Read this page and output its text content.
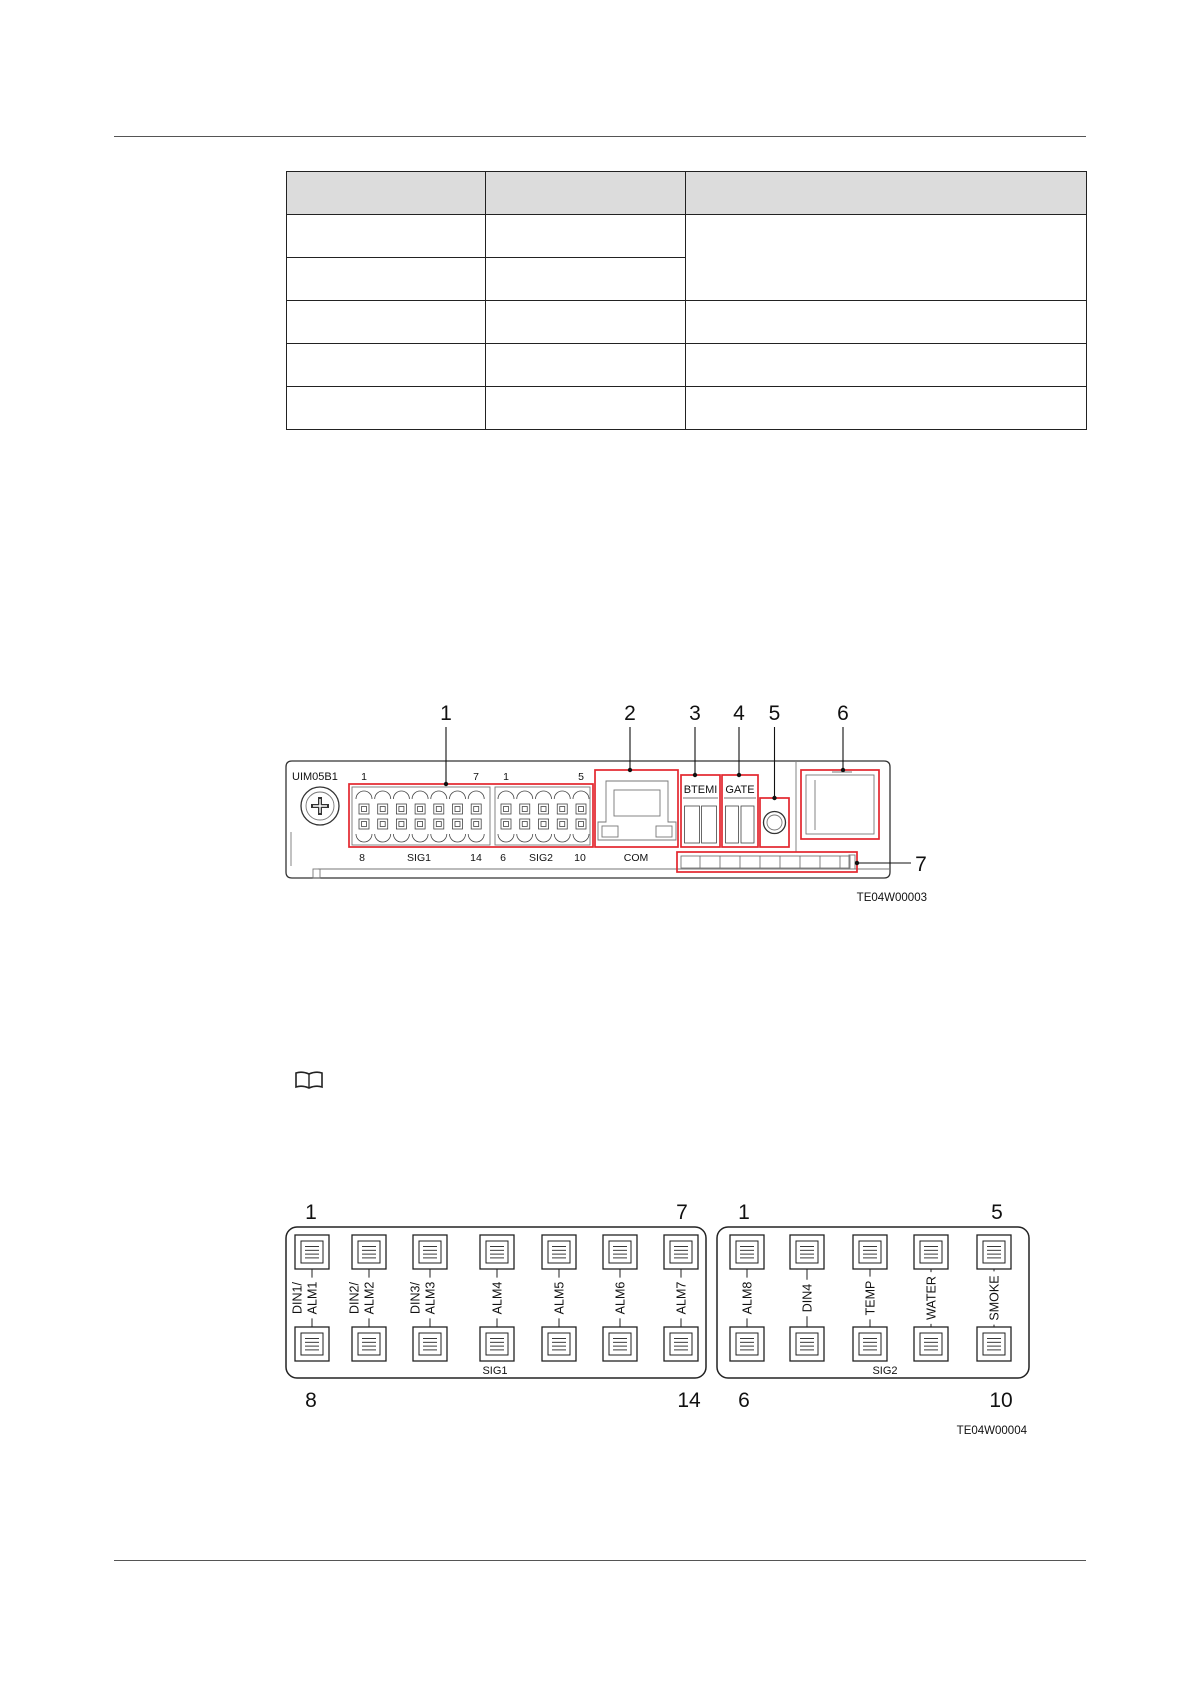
UIM05B1 1	7 1	5
8	SIG1	14 6 SIG2 10	COM
BTEMI GATE
1	2	3 4 5	6
7
TE04W00003
DIN1/ ALM1 DIN2/ ALM2	DIN3/ ALM3	ALM4	ALM5	ALM6	ALM7	ALM8	DIN4	TEMP	WATER	SMOKE
1	7 1	5
8	14 6	10
SIG1	SIG2
TE04W00004
